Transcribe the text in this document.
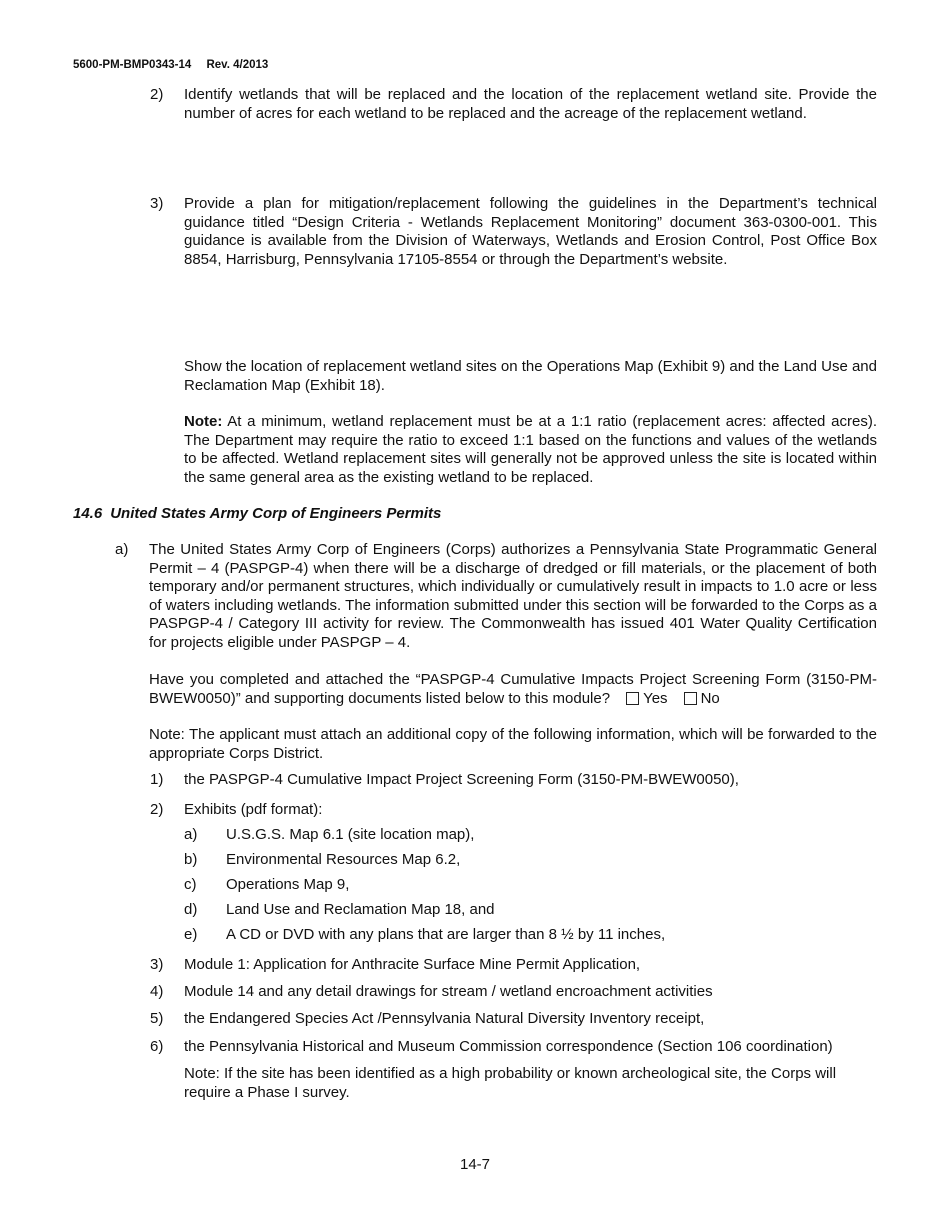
5600-PM-BMP0343-14 Rev. 4/2013
2) Identify wetlands that will be replaced and the location of the replacement wetland site. Provide the number of acres for each wetland to be replaced and the acreage of the replacement wetland.
3) Provide a plan for mitigation/replacement following the guidelines in the Department’s technical guidance titled “Design Criteria - Wetlands Replacement Monitoring” document 363-0300-001. This guidance is available from the Division of Waterways, Wetlands and Erosion Control, Post Office Box 8854, Harrisburg, Pennsylvania 17105-8554 or through the Department’s website.
Show the location of replacement wetland sites on the Operations Map (Exhibit 9) and the Land Use and Reclamation Map (Exhibit 18).
Note: At a minimum, wetland replacement must be at a 1:1 ratio (replacement acres: affected acres). The Department may require the ratio to exceed 1:1 based on the functions and values of the wetlands to be affected. Wetland replacement sites will generally not be approved unless the site is located within the same general area as the existing wetland to be replaced.
14.6 United States Army Corp of Engineers Permits
a) The United States Army Corp of Engineers (Corps) authorizes a Pennsylvania State Programmatic General Permit – 4 (PASPGP-4) when there will be a discharge of dredged or fill materials, or the placement of both temporary and/or permanent structures, which individually or cumulatively result in impacts to 1.0 acre or less of waters including wetlands. The information submitted under this section will be forwarded to the Corps as a PASPGP-4 / Category III activity for review. The Commonwealth has issued 401 Water Quality Certification for projects eligible under PASPGP – 4.
Have you completed and attached the “PASPGP-4 Cumulative Impacts Project Screening Form (3150-PM-BWEW0050)” and supporting documents listed below to this module? Yes No
Note: The applicant must attach an additional copy of the following information, which will be forwarded to the appropriate Corps District.
1) the PASPGP-4 Cumulative Impact Project Screening Form (3150-PM-BWEW0050),
2) Exhibits (pdf format):
a) U.S.G.S. Map 6.1 (site location map),
b) Environmental Resources Map 6.2,
c) Operations Map 9,
d) Land Use and Reclamation Map 18, and
e) A CD or DVD with any plans that are larger than 8 ½ by 11 inches,
3) Module 1: Application for Anthracite Surface Mine Permit Application,
4) Module 14 and any detail drawings for stream / wetland encroachment activities
5) the Endangered Species Act /Pennsylvania Natural Diversity Inventory receipt,
6) the Pennsylvania Historical and Museum Commission correspondence (Section 106 coordination)
Note: If the site has been identified as a high probability or known archeological site, the Corps will require a Phase I survey.
14-7
